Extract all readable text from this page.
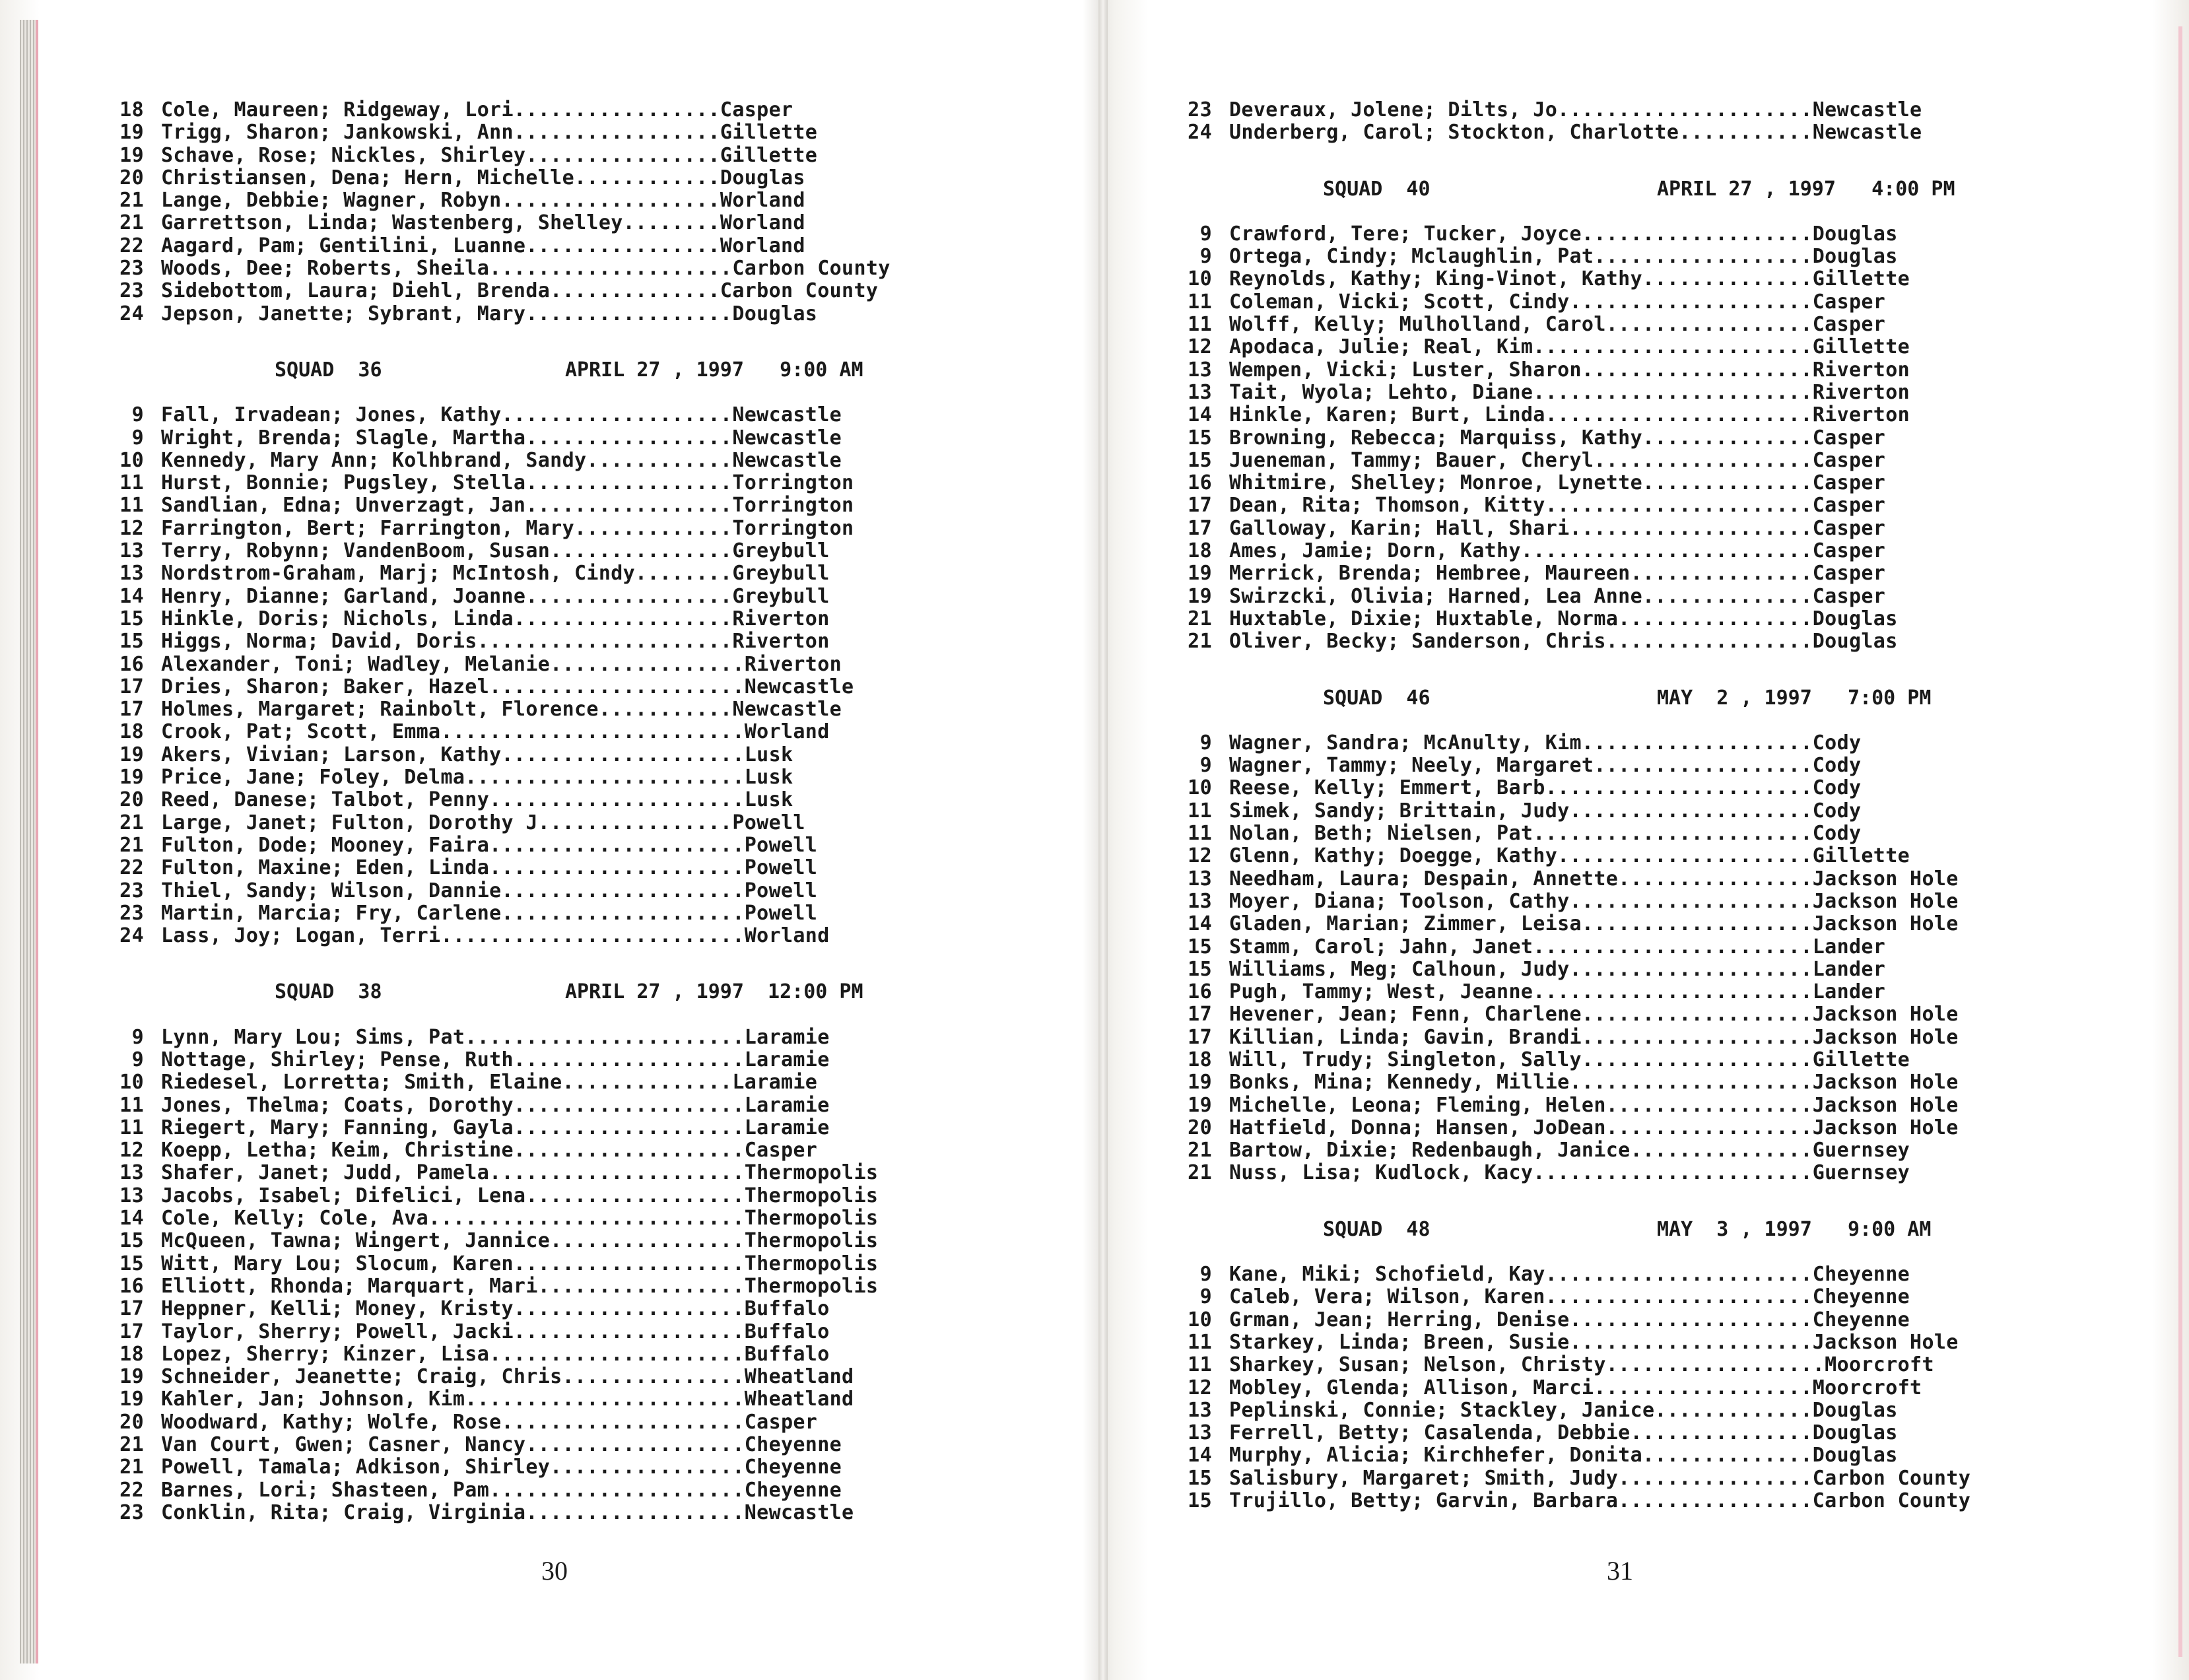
18 Cole, Maureen; Ridgeway, Lori.................Casper
19 Trigg, Sharon; Jankowski, Ann.................Gillette
19 Schave, Rose; Nickles, Shirley................Gillette
20 Christiansen, Dena; Hern, Michelle............Douglas
21 Lange, Debbie; Wagner, Robyn..................Worland
21 Garrettson, Linda; Wastenberg, Shelley........Worland
22 Aagard, Pam; Gentilini, Luanne................Worland
23 Woods, Dee; Roberts, Sheila....................Carbon County
23 Sidebottom, Laura; Diehl, Brenda..............Carbon County
24 Jepson, Janette; Sybrant, Mary.................Douglas
SQUAD  36	APRIL 27 , 1997   9:00 AM
9 Fall, Irvadean; Jones, Kathy...................Newcastle
9 Wright, Brenda; Slagle, Martha.................Newcastle
10 Kennedy, Mary Ann; Kolhbrand, Sandy............Newcastle
11 Hurst, Bonnie; Pugsley, Stella.................Torrington
11 Sandlian, Edna; Unverzagt, Jan.................Torrington
12 Farrington, Bert; Farrington, Mary.............Torrington
13 Terry, Robynn; VandenBoom, Susan...............Greybull
13 Nordstrom-Graham, Marj; McIntosh, Cindy........Greybull
14 Henry, Dianne; Garland, Joanne.................Greybull
15 Hinkle, Doris; Nichols, Linda..................Riverton
15 Higgs, Norma; David, Doris.....................Riverton
16 Alexander, Toni; Wadley, Melanie................Riverton
17 Dries, Sharon; Baker, Hazel.....................Newcastle
17 Holmes, Margaret; Rainbolt, Florence...........Newcastle
18 Crook, Pat; Scott, Emma.........................Worland
19 Akers, Vivian; Larson, Kathy....................Lusk
19 Price, Jane; Foley, Delma.......................Lusk
20 Reed, Danese; Talbot, Penny.....................Lusk
21 Large, Janet; Fulton, Dorothy J................Powell
21 Fulton, Dode; Mooney, Faira.....................Powell
22 Fulton, Maxine; Eden, Linda.....................Powell
23 Thiel, Sandy; Wilson, Dannie....................Powell
23 Martin, Marcia; Fry, Carlene....................Powell
24 Lass, Joy; Logan, Terri.........................Worland
SQUAD  38	APRIL 27 , 1997  12:00 PM
9 Lynn, Mary Lou; Sims, Pat.......................Laramie
9 Nottage, Shirley; Pense, Ruth...................Laramie
10 Riedesel, Lorretta; Smith, Elaine..............Laramie
11 Jones, Thelma; Coats, Dorothy...................Laramie
11 Riegert, Mary; Fanning, Gayla...................Laramie
12 Koepp, Letha; Keim, Christine...................Casper
13 Shafer, Janet; Judd, Pamela.....................Thermopolis
13 Jacobs, Isabel; Difelici, Lena..................Thermopolis
14 Cole, Kelly; Cole, Ava..........................Thermopolis
15 McQueen, Tawna; Wingert, Jannice................Thermopolis
15 Witt, Mary Lou; Slocum, Karen...................Thermopolis
16 Elliott, Rhonda; Marquart, Mari.................Thermopolis
17 Heppner, Kelli; Money, Kristy...................Buffalo
17 Taylor, Sherry; Powell, Jacki...................Buffalo
18 Lopez, Sherry; Kinzer, Lisa.....................Buffalo
19 Schneider, Jeanette; Craig, Chris...............Wheatland
19 Kahler, Jan; Johnson, Kim.......................Wheatland
20 Woodward, Kathy; Wolfe, Rose....................Casper
21 Van Court, Gwen; Casner, Nancy..................Cheyenne
21 Powell, Tamala; Adkison, Shirley................Cheyenne
22 Barnes, Lori; Shasteen, Pam.....................Cheyenne
23 Conklin, Rita; Craig, Virginia..................Newcastle
23 Deveraux, Jolene; Dilts, Jo.....................Newcastle
24 Underberg, Carol; Stockton, Charlotte...........Newcastle
SQUAD  40	APRIL 27 , 1997   4:00 PM
9 Crawford, Tere; Tucker, Joyce...................Douglas
9 Ortega, Cindy; Mclaughlin, Pat..................Douglas
10 Reynolds, Kathy; King-Vinot, Kathy..............Gillette
11 Coleman, Vicki; Scott, Cindy....................Casper
11 Wolff, Kelly; Mulholland, Carol.................Casper
12 Apodaca, Julie; Real, Kim.......................Gillette
13 Wempen, Vicki; Luster, Sharon...................Riverton
13 Tait, Wyola; Lehto, Diane.......................Riverton
14 Hinkle, Karen; Burt, Linda......................Riverton
15 Browning, Rebecca; Marquiss, Kathy..............Casper
15 Jueneman, Tammy; Bauer, Cheryl..................Casper
16 Whitmire, Shelley; Monroe, Lynette..............Casper
17 Dean, Rita; Thomson, Kitty......................Casper
17 Galloway, Karin; Hall, Shari....................Casper
18 Ames, Jamie; Dorn, Kathy........................Casper
19 Merrick, Brenda; Hembree, Maureen...............Casper
19 Swirzcki, Olivia; Harned, Lea Anne..............Casper
21 Huxtable, Dixie; Huxtable, Norma................Douglas
21 Oliver, Becky; Sanderson, Chris.................Douglas
SQUAD  46	MAY  2 , 1997   7:00 PM
9 Wagner, Sandra; McAnulty, Kim...................Cody
9 Wagner, Tammy; Neely, Margaret..................Cody
10 Reese, Kelly; Emmert, Barb......................Cody
11 Simek, Sandy; Brittain, Judy....................Cody
11 Nolan, Beth; Nielsen, Pat.......................Cody
12 Glenn, Kathy; Doegge, Kathy.....................Gillette
13 Needham, Laura; Despain, Annette................Jackson Hole
13 Moyer, Diana; Toolson, Cathy....................Jackson Hole
14 Gladen, Marian; Zimmer, Leisa...................Jackson Hole
15 Stamm, Carol; Jahn, Janet.......................Lander
15 Williams, Meg; Calhoun, Judy....................Lander
16 Pugh, Tammy; West, Jeanne.......................Lander
17 Hevener, Jean; Fenn, Charlene...................Jackson Hole
17 Killian, Linda; Gavin, Brandi...................Jackson Hole
18 Will, Trudy; Singleton, Sally...................Gillette
19 Bonks, Mina; Kennedy, Millie....................Jackson Hole
19 Michelle, Leona; Fleming, Helen.................Jackson Hole
20 Hatfield, Donna; Hansen, JoDean.................Jackson Hole
21 Bartow, Dixie; Redenbaugh, Janice...............Guernsey
21 Nuss, Lisa; Kudlock, Kacy.......................Guernsey
SQUAD  48	MAY  3 , 1997   9:00 AM
9 Kane, Miki; Schofield, Kay......................Cheyenne
9 Caleb, Vera; Wilson, Karen......................Cheyenne
10 Grman, Jean; Herring, Denise....................Cheyenne
11 Starkey, Linda; Breen, Susie....................Jackson Hole
11 Sharkey, Susan; Nelson, Christy..................Moorcroft
12 Mobley, Glenda; Allison, Marci..................Moorcroft
13 Peplinski, Connie; Stackley, Janice.............Douglas
13 Ferrell, Betty; Casalenda, Debbie...............Douglas
14 Murphy, Alicia; Kirchhefer, Donita..............Douglas
15 Salisbury, Margaret; Smith, Judy................Carbon County
15 Trujillo, Betty; Garvin, Barbara................Carbon County
30	31
